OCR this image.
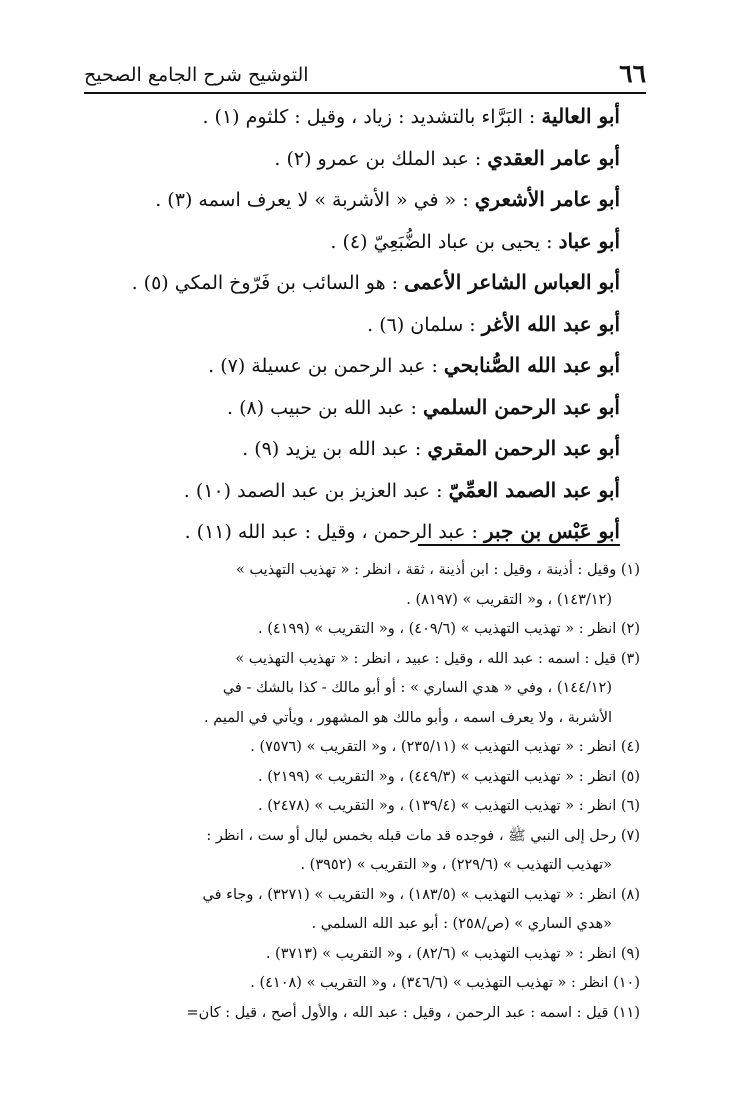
٦٦
التوشيح شرح الجامع الصحيح
أبو العالية : البَرَّاء بالتشديد : زياد ، وقيل : كلثوم (١) .
أبو عامر العقدي : عبد الملك بن عمرو (٢) .
أبو عامر الأشعري : « في « الأشربة » لا يعرف اسمه (٣) .
أبو عباد : يحيى بن عباد الضُّبَعِيّ (٤) .
أبو العباس الشاعر الأعمى : هو السائب بن فَرّوخ المكي (٥) .
أبو عبد الله الأغر : سلمان (٦) .
أبو عبد الله الصُّنابحي : عبد الرحمن بن عسيلة (٧) .
أبو عبد الرحمن السلمي : عبد الله بن حبيب (٨) .
أبو عبد الرحمن المقري : عبد الله بن يزيد (٩) .
أبو عبد الصمد العمِّيّ : عبد العزيز بن عبد الصمد (١٠) .
أبو عَبْس بن جبر : عبد الرحمن ، وقيل : عبد الله (١١) .
(١) وقيل : أذينة ، وقيل : ابن أذينة ، ثقة ، انظر : « تهذيب التهذيب »
(١٤٣/١٢) ، و« التقريب » (٨١٩٧) .
(٢) انظر : « تهذيب التهذيب » (٤٠٩/٦) ، و« التقريب » (٤١٩٩) .
(٣) قيل : اسمه : عبد الله ، وقيل : عبيد ، انظر : « تهذيب التهذيب »
(١٤٤/١٢) ، وفي « هدي الساري » : أو أبو مالك - كذا بالشك - في
الأشربة ، ولا يعرف اسمه ، وأبو مالك هو المشهور ، ويأتي في الميم .
(٤) انظر : « تهذيب التهذيب » (٢٣٥/١١) ، و« التقريب » (٧٥٧٦) .
(٥) انظر : « تهذيب التهذيب » (٤٤٩/٣) ، و« التقريب » (٢١٩٩) .
(٦) انظر : « تهذيب التهذيب » (١٣٩/٤) ، و« التقريب » (٢٤٧٨) .
(٧) رحل إلى النبي ﷺ ، فوجده قد مات قبله بخمس ليال أو ست ، انظر :
«تهذيب التهذيب » (٢٢٩/٦) ، و« التقريب » (٣٩٥٢) .
(٨) انظر : « تهذيب التهذيب » (١٨٣/٥) ، و« التقريب » (٣٢٧١) ، وجاء في
«هدي الساري » (ص/٢٥٨) : أبو عبد الله السلمي .
(٩) انظر : « تهذيب التهذيب » (٨٢/٦) ، و« التقريب » (٣٧١٣) .
(١٠) انظر : « تهذيب التهذيب » (٣٤٦/٦) ، و« التقريب » (٤١٠٨) .
(١١) قيل : اسمه : عبد الرحمن ، وقيل : عبد الله ، والأول أصح ، قيل : كان=
